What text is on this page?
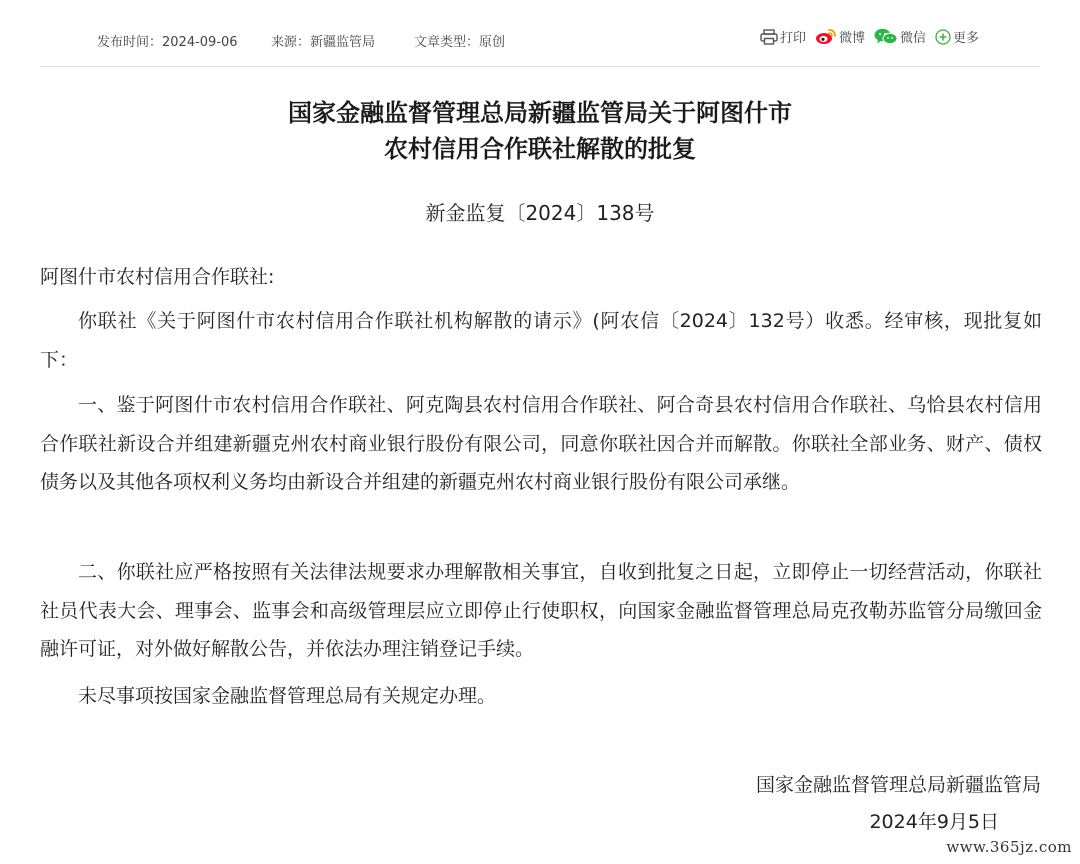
发布时间：2024-09-06	来源：新疆监管局	文章类型：原创	打印	微博	微信 更多
国家金融监督管理总局新疆监管局关于阿图什市
农村信用合作联社解散的批复
新金监复〔2024〕138号
阿图什市农村信用合作联社:
你联社《关于阿图什市农村信用合作联社机构解散的请示》(阿农信〔2024〕132号）收悉。经审核，现批复如下：
一、鉴于阿图什市农村信用合作联社、阿克陶县农村信用合作联社、阿合奇县农村信用合作联社、乌恰县农村信用合作联社新设合并组建新疆克州农村商业银行股份有限公司，同意你联社因合并而解散。你联社全部业务、财产、债权债务以及其他各项权利义务均由新设合并组建的新疆克州农村商业银行股份有限公司承继。
二、你联社应严格按照有关法律法规要求办理解散相关事宜，自收到批复之日起，立即停止一切经营活动，你联社社员代表大会、理事会、监事会和高级管理层应立即停止行使职权，向国家金融监督管理总局克孜勒苏监管分局缴回金融许可证，对外做好解散公告，并依法办理注销登记手续。
未尽事项按国家金融监督管理总局有关规定办理。
国家金融监督管理总局新疆监管局
2024年9月5日
www.365jz.com
